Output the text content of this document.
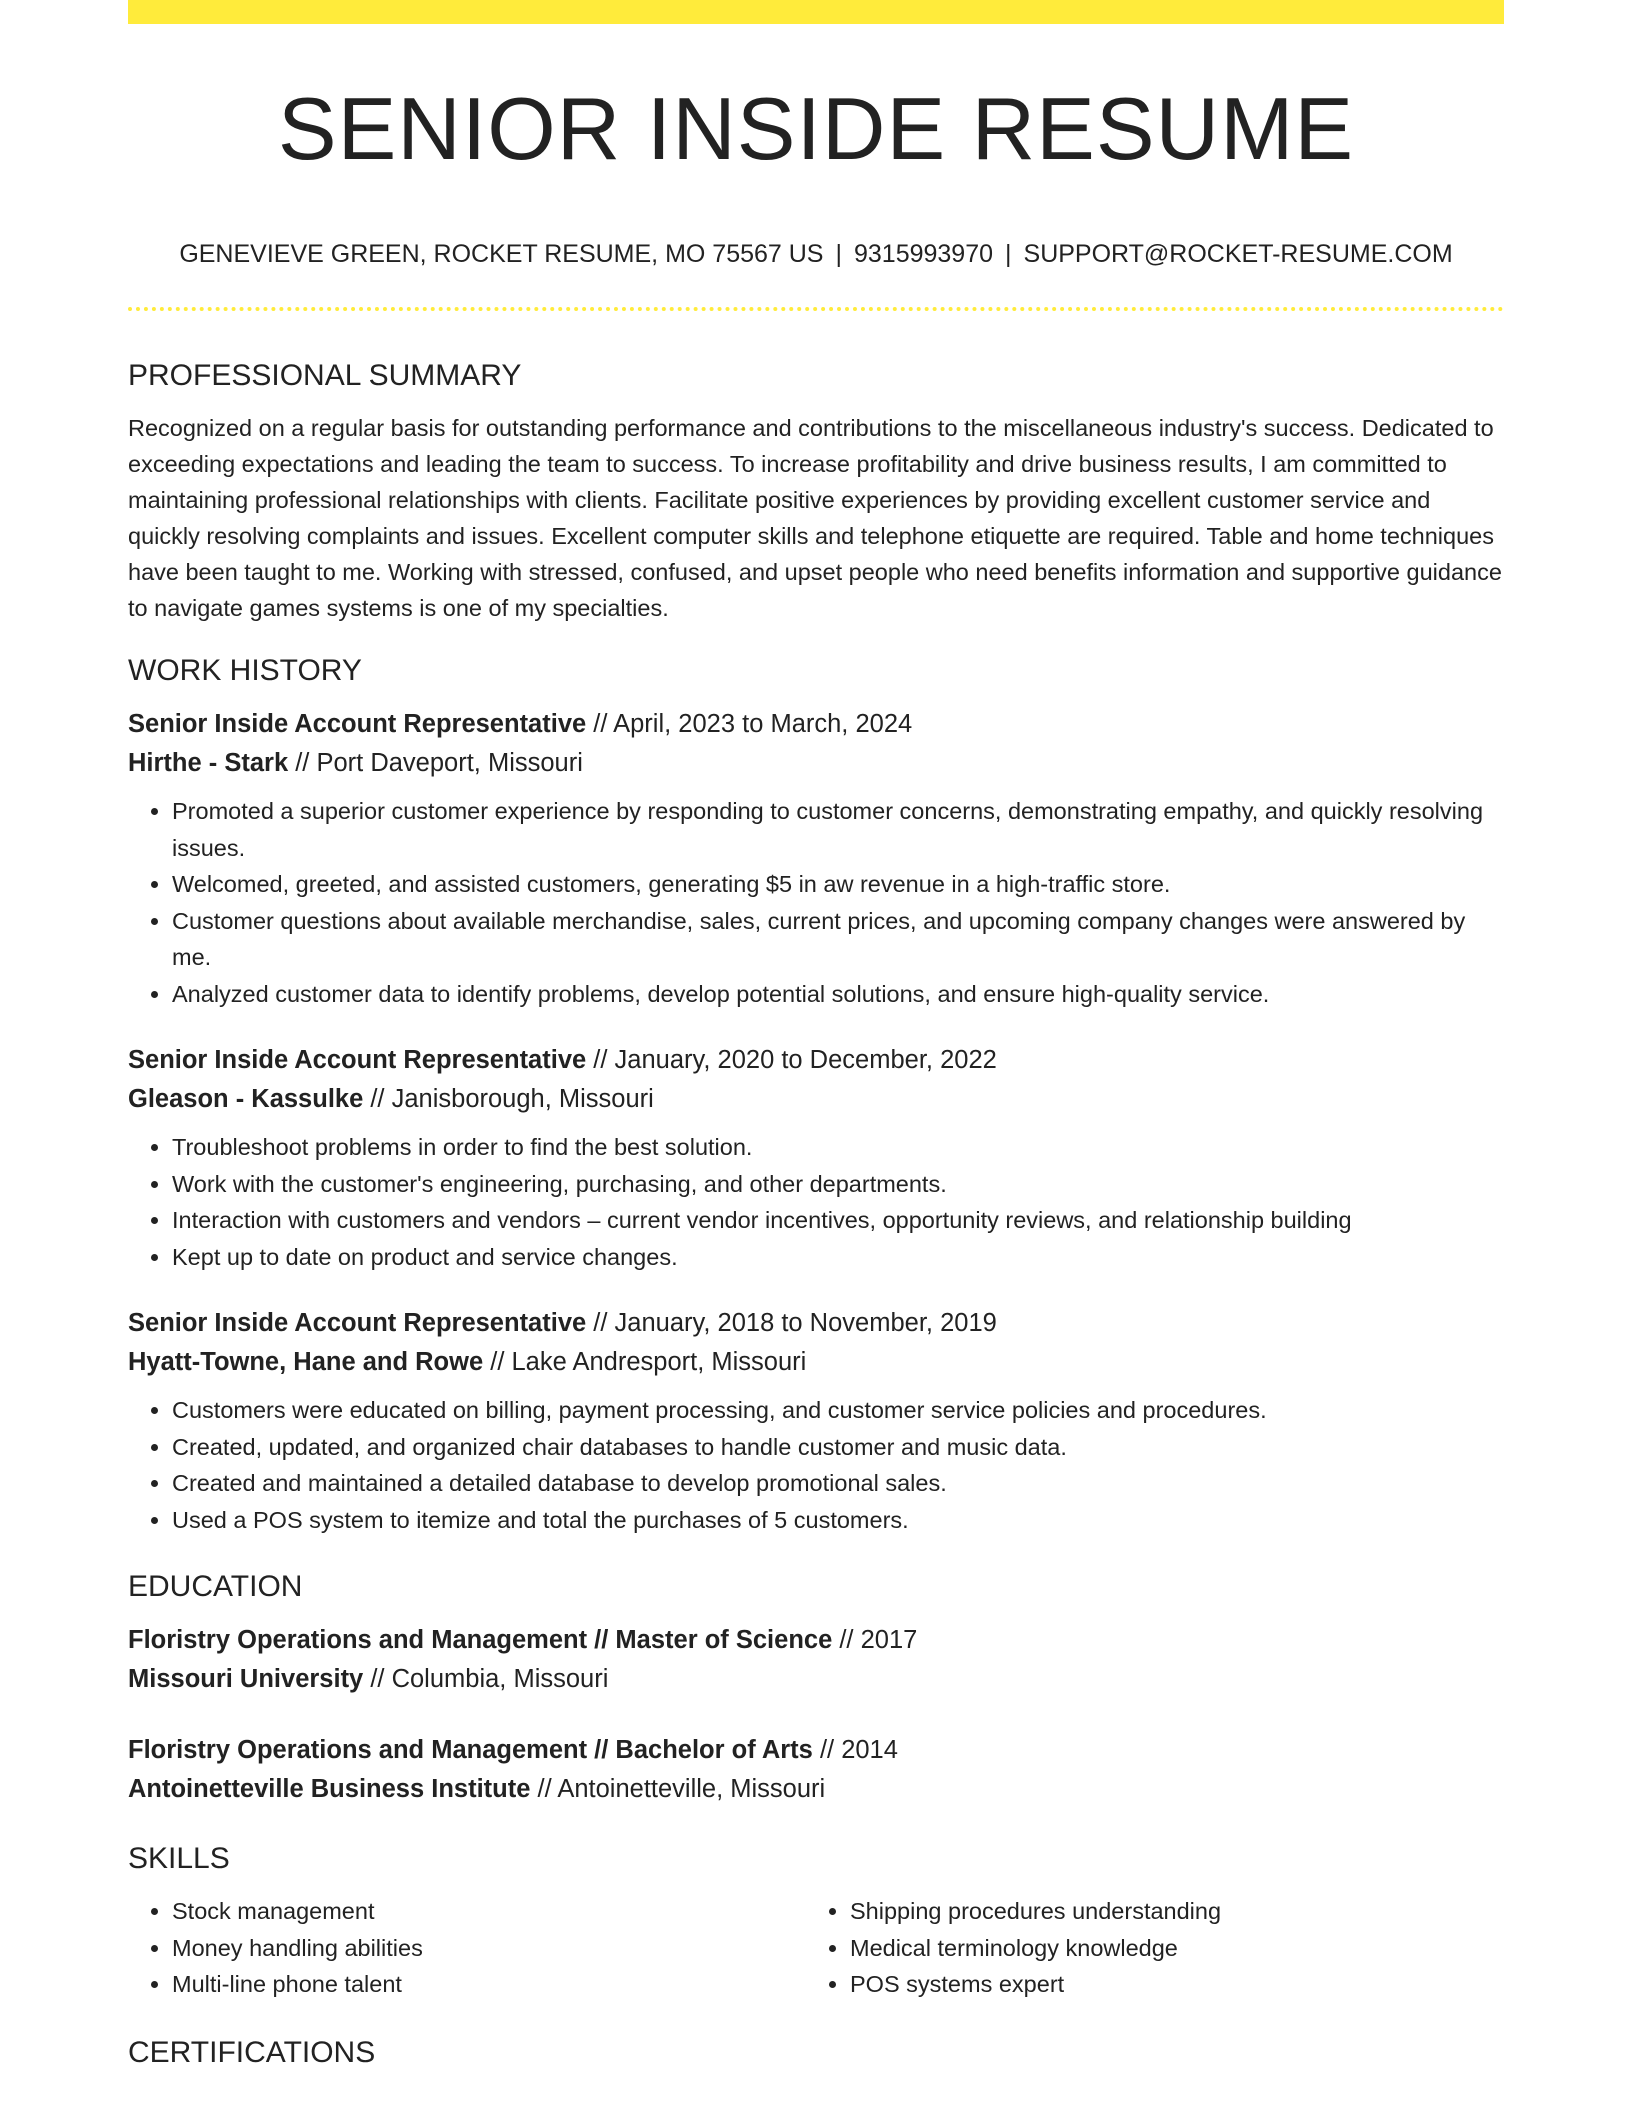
SENIOR INSIDE RESUME
GENEVIEVE GREEN, ROCKET RESUME, MO 75567 US | 9315993970 | SUPPORT@ROCKET-RESUME.COM
PROFESSIONAL SUMMARY

Recognized on a regular basis for outstanding performance and contributions to the miscellaneous industry's success. Dedicated to exceeding expectations and leading the team to success. To increase profitability and drive business results, I am committed to maintaining professional relationships with clients. Facilitate positive experiences by providing excellent customer service and quickly resolving complaints and issues. Excellent computer skills and telephone etiquette are required. Table and home techniques have been taught to me. Working with stressed, confused, and upset people who need benefits information and supportive guidance to navigate games systems is one of my specialties.

WORK HISTORY
Senior Inside Account Representative // April, 2023 to March, 2024
Hirthe - Stark // Port Daveport, Missouri
• Promoted a superior customer experience by responding to customer concerns, demonstrating empathy, and quickly resolving issues.
• Welcomed, greeted, and assisted customers, generating $5 in aw revenue in a high-traffic store.
• Customer questions about available merchandise, sales, current prices, and upcoming company changes were answered by me.
• Analyzed customer data to identify problems, develop potential solutions, and ensure high-quality service.
Senior Inside Account Representative // January, 2020 to December, 2022
Gleason - Kassulke // Janisborough, Missouri
• Troubleshoot problems in order to find the best solution.
• Work with the customer's engineering, purchasing, and other departments.
• Interaction with customers and vendors – current vendor incentives, opportunity reviews, and relationship building
• Kept up to date on product and service changes.
Senior Inside Account Representative // January, 2018 to November, 2019
Hyatt-Towne, Hane and Rowe // Lake Andresport, Missouri
• Customers were educated on billing, payment processing, and customer service policies and procedures.
• Created, updated, and organized chair databases to handle customer and music data.
• Created and maintained a detailed database to develop promotional sales.
• Used a POS system to itemize and total the purchases of 5 customers.
EDUCATION
Floristry Operations and Management // Master of Science // 2017
Missouri University // Columbia, Missouri
Floristry Operations and Management // Bachelor of Arts // 2014
Antoinetteville Business Institute // Antoinetteville, Missouri
SKILLS
• Stock management
• Money handling abilities
• Multi-line phone talent
• Shipping procedures understanding
• Medical terminology knowledge
• POS systems expert
CERTIFICATIONS
